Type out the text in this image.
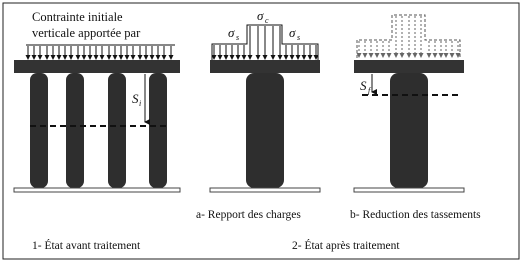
Contrainte initiale
verticale apportée par
S i
σ c
σ s	σ s
S f
a- Repport des charges	b- Reduction des tassements
1- État avant traitement	2- État après traitement
